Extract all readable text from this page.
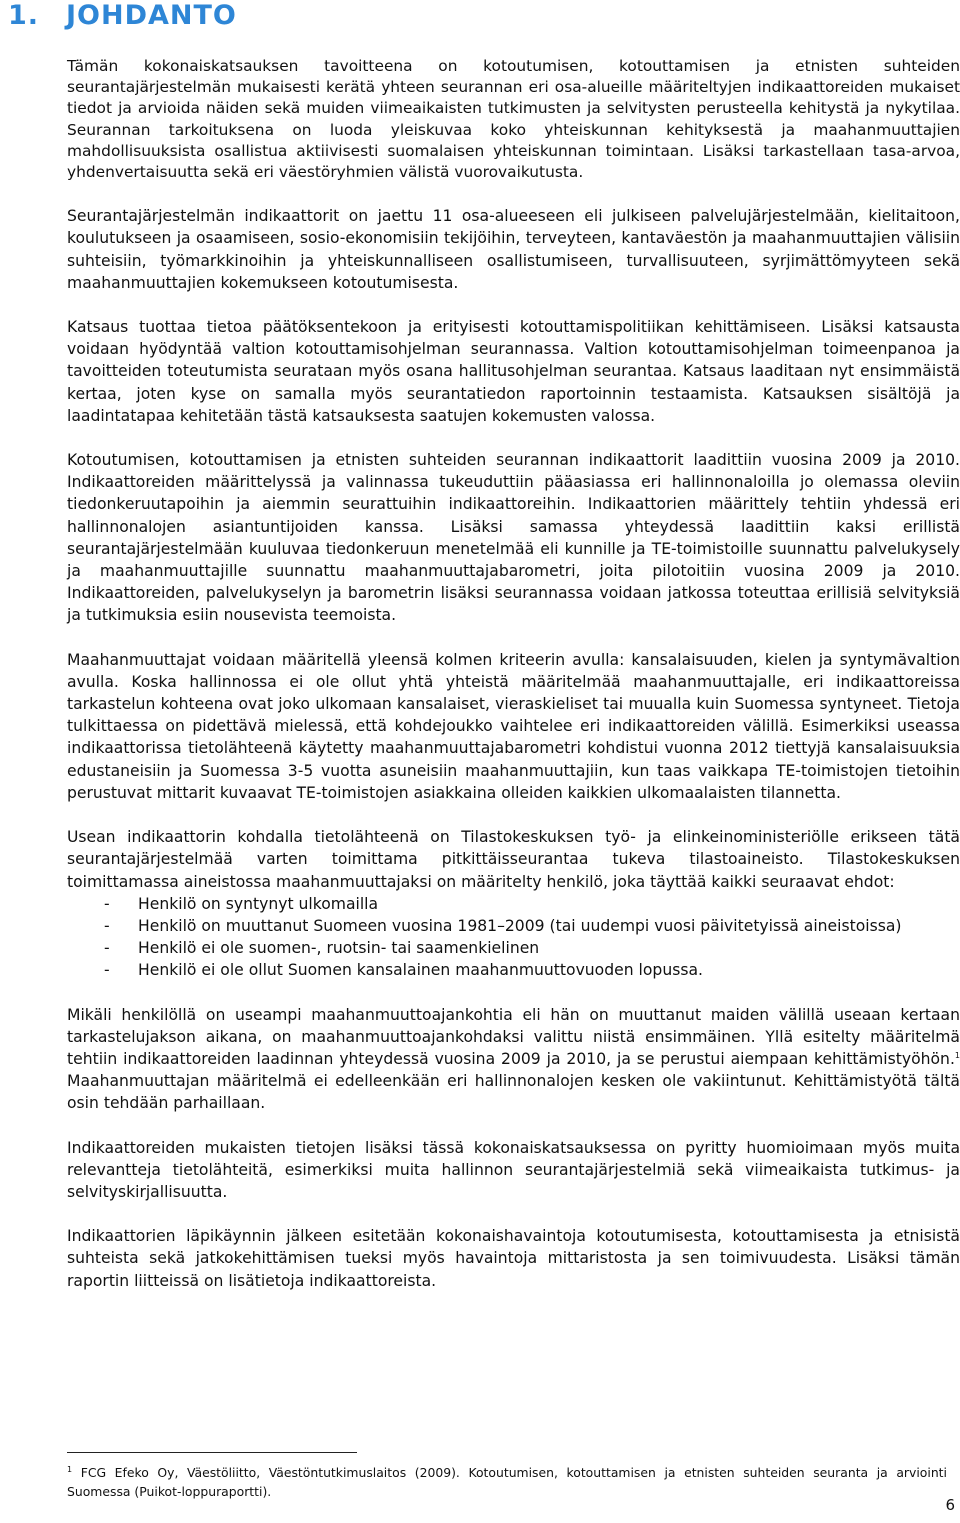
1. JOHDANTO

Tämän kokonaiskatsauksen tavoitteena on kotoutumisen, kotouttamisen ja etnisten suhteiden seurantajärjestelmän mukaisesti kerätä yhteen seurannan eri osa-alueille määriteltyjen indikaattoreiden mukaiset tiedot ja arvioida näiden sekä muiden viimeaikaisten tutkimusten ja selvitysten perusteella kehitystä ja nykytilaa. Seurannan tarkoituksena on luoda yleiskuvaa koko yhteiskunnan kehityksestä ja maahanmuuttajien mahdollisuuksista osallistua aktiivisesti suomalaisen yhteiskunnan toimintaan. Lisäksi tarkastellaan tasa-arvoa, yhdenvertaisuutta sekä eri väestöryhmien välistä vuorovaikutusta.

Seurantajärjestelmän indikaattorit on jaettu 11 osa-alueeseen eli julkiseen palvelujärjestelmään, kielitaitoon, koulutukseen ja osaamiseen, sosio-ekonomisiin tekijöihin, terveyteen, kantaväestön ja maahanmuuttajien välisiin suhteisiin, työmarkkinoihin ja yhteiskunnalliseen osallistumiseen, turvallisuuteen, syrjimättömyyteen sekä maahanmuuttajien kokemukseen kotoutumisesta.

Katsaus tuottaa tietoa päätöksentekoon ja erityisesti kotouttamispolitiikan kehittämiseen. Lisäksi katsausta voidaan hyödyntää valtion kotouttamisohjelman seurannassa. Valtion kotouttamisohjelman toimeenpanoa ja tavoitteiden toteutumista seurataan myös osana hallitusohjelman seurantaa. Katsaus laaditaan nyt ensimmäistä kertaa, joten kyse on samalla myös seurantatiedon raportoinnin testaamista. Katsauksen sisältöjä ja laadintatapaa kehitetään tästä katsauksesta saatujen kokemusten valossa.

Kotoutumisen, kotouttamisen ja etnisten suhteiden seurannan indikaattorit laadittiin vuosina 2009 ja 2010. Indikaattoreiden määrittelyssä ja valinnassa tukeuduttiin pääasiassa eri hallinnonaloilla jo olemassa oleviin tiedonkeruutapoihin ja aiemmin seurattuihin indikaattoreihin. Indikaattorien määrittely tehtiin yhdessä eri hallinnonalojen asiantuntijoiden kanssa. Lisäksi samassa yhteydessä laadittiin kaksi erillistä seurantajärjestelmään kuuluvaa tiedonkeruun menetelmää eli kunnille ja TE-toimistoille suunnattu palvelukysely ja maahanmuuttajille suunnattu maahanmuuttajabarometri, joita pilotoitiin vuosina 2009 ja 2010. Indikaattoreiden, palvelukyselyn ja barometrin lisäksi seurannassa voidaan jatkossa toteuttaa erillisiä selvityksiä ja tutkimuksia esiin nousevista teemoista.

Maahanmuuttajat voidaan määritellä yleensä kolmen kriteerin avulla: kansalaisuuden, kielen ja syntymävaltion avulla. Koska hallinnossa ei ole ollut yhtä yhteistä määritelmää maahanmuuttajalle, eri indikaattoreissa tarkastelun kohteena ovat joko ulkomaan kansalaiset, vieraskieliset tai muualla kuin Suomessa syntyneet. Tietoja tulkittaessa on pidettävä mielessä, että kohdejoukko vaihtelee eri indikaattoreiden välillä. Esimerkiksi useassa indikaattorissa tietolähteenä käytetty maahanmuuttajabarometri kohdistui vuonna 2012 tiettyjä kansalaisuuksia edustaneisiin ja Suomessa 3-5 vuotta asuneisiin maahanmuuttajiin, kun taas vaikkapa TE-toimistojen tietoihin perustuvat mittarit kuvaavat TE-toimistojen asiakkaina olleiden kaikkien ulkomaalaisten tilannetta.

Usean indikaattorin kohdalla tietolähteenä on Tilastokeskuksen työ- ja elinkeinoministeriölle erikseen tätä seurantajärjestelmää varten toimittama pitkittäisseurantaa tukeva tilastoaineisto. Tilastokeskuksen toimittamassa aineistossa maahanmuuttajaksi on määritelty henkilö, joka täyttää kaikki seuraavat ehdot:

- Henkilö on syntynyt ulkomailla
- Henkilö on muuttanut Suomeen vuosina 1981–2009 (tai uudempi vuosi päivitetyissä aineistoissa)
- Henkilö ei ole suomen-, ruotsin- tai saamenkielinen
- Henkilö ei ole ollut Suomen kansalainen maahanmuuttovuoden lopussa.

Mikäli henkilöllä on useampi maahanmuuttoajankohtia eli hän on muuttanut maiden välillä useaan kertaan tarkastelujakson aikana, on maahanmuuttoajankohdaksi valittu niistä ensimmäinen. Yllä esitelty määritelmä tehtiin indikaattoreiden laadinnan yhteydessä vuosina 2009 ja 2010, ja se perustui aiempaan kehittämistyöhön.$^1$ Maahanmuuttajan määritelmä ei edelleenkään eri hallinnonalojen kesken ole vakiintunut. Kehittämistyötä tältä osin tehdään parhaillaan.

Indikaattoreiden mukaisten tietojen lisäksi tässä kokonaiskatsauksessa on pyritty huomioimaan myös muita relevantteja tietolähteitä, esimerkiksi muita hallinnon seurantajärjestelmiä sekä viimeaikaista tutkimus- ja selvityskirjallisuutta.

Indikaattorien läpikäynnin jälkeen esitetään kokonaishavaintoja kotoutumisesta, kotouttamisesta ja etnisistä suhteista sekä jatkokehittämisen tueksi myös havaintoja mittaristosta ja sen toimivuudesta. Lisäksi tämän raportin liitteissä on lisätietoja indikaattoreista.

$^1$ FCG Efeko Oy, Väestöliitto, Väestöntutkimuslaitos (2009). Kotoutumisen, kotouttamisen ja etnisten suhteiden seuranta ja arviointi Suomessa (Puikot-loppuraportti).

6
